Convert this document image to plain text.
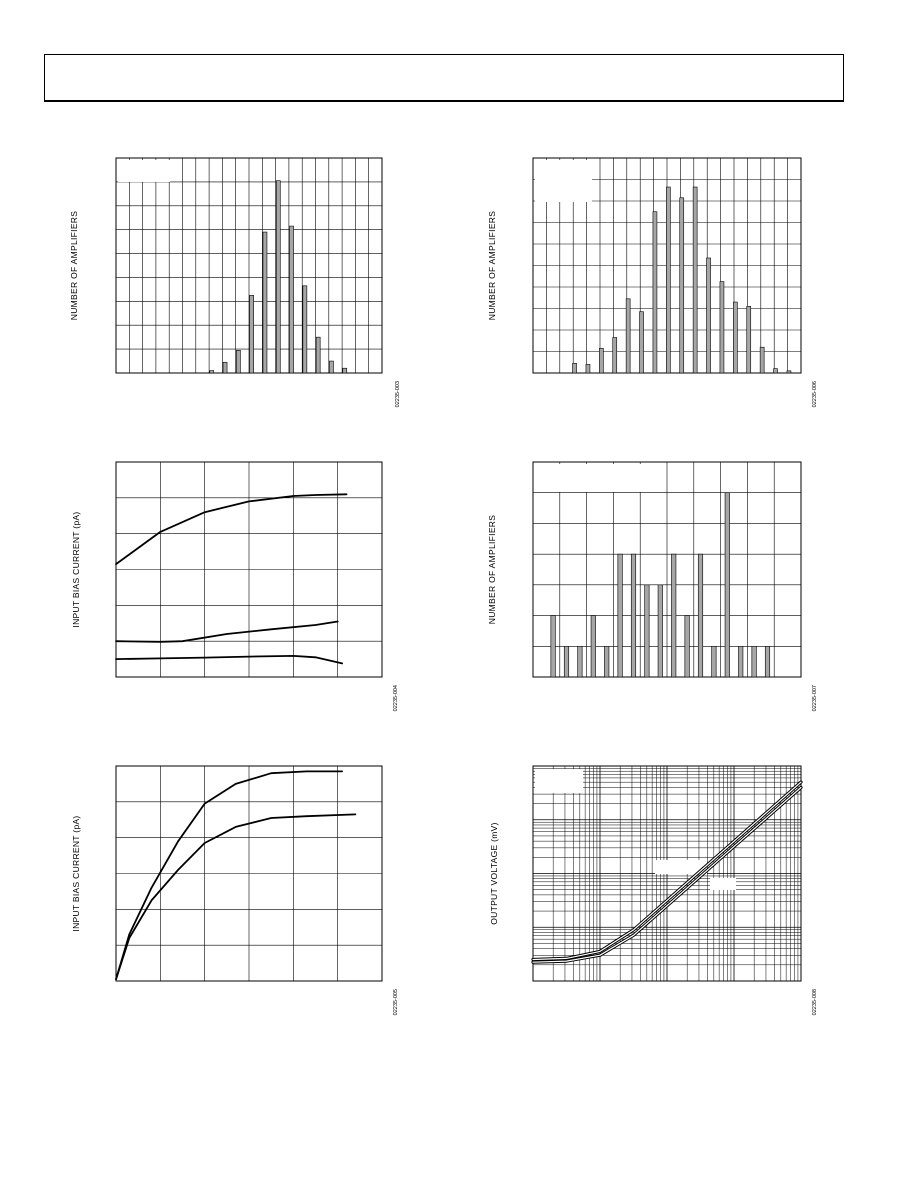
NUMBER OF AMPLIFIERS
02235-003
NUMBER OF AMPLIFIERS
02235-006
INPUT BIAS CURRENT (pA)
02235-004
NUMBER OF AMPLIFIERS
02235-007
INPUT BIAS CURRENT (pA)
02235-005
OUTPUT VOLTAGE (mV)
02235-008
